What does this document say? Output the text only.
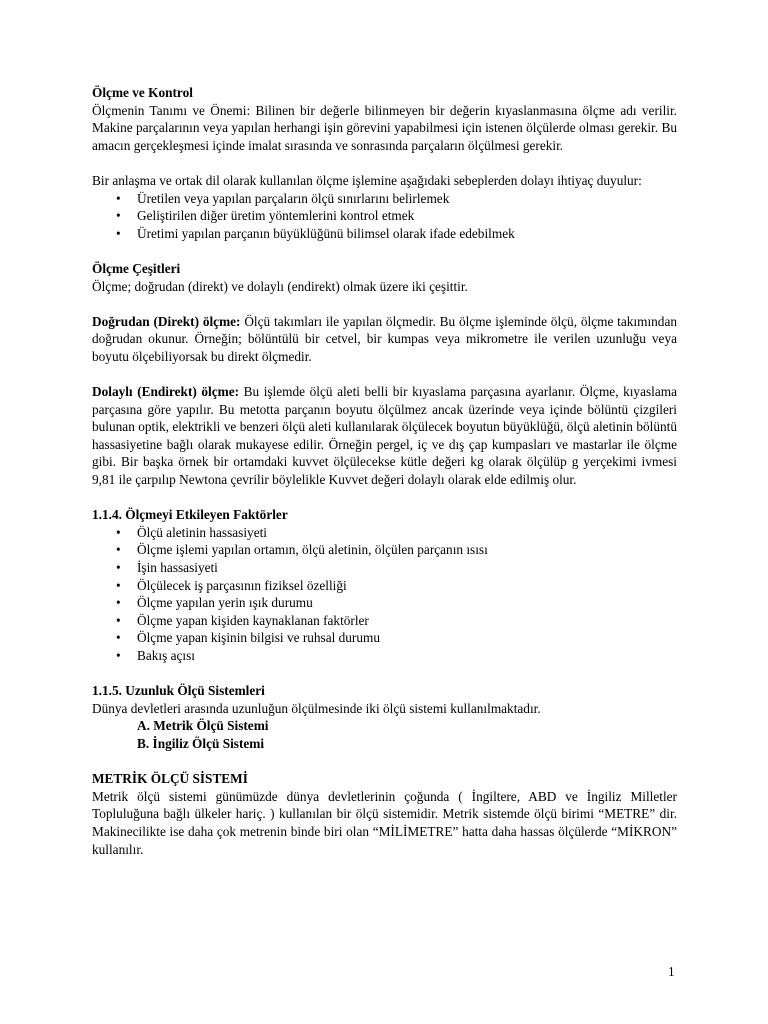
Ölçme ve Kontrol

Ölçmenin Tanımı ve Önemi: Bilinen bir değerle bilinmeyen bir değerin kıyaslanmasına ölçme adı verilir. Makine parçalarının veya yapılan herhangi işin görevini yapabilmesi için istenen ölçülerde olması gerekir. Bu amacın gerçekleşmesi içinde imalat sırasında ve sonrasında parçaların ölçülmesi gerekir.

Bir anlaşma ve ortak dil olarak kullanılan ölçme işlemine aşağıdaki sebeplerden dolayı ihtiyaç duyulur:

• Üretilen veya yapılan parçaların ölçü sınırlarını belirlemek
• Geliştirilen diğer üretim yöntemlerini kontrol etmek
• Üretimi yapılan parçanın büyüklüğünü bilimsel olarak ifade edebilmek

Ölçme Çeşitleri

Ölçme; doğrudan (direkt) ve dolaylı (endirekt) olmak üzere iki çeşittir.

Doğrudan (Direkt) ölçme: Ölçü takımları ile yapılan ölçmedir. Bu ölçme işleminde ölçü, ölçme takımından doğrudan okunur. Örneğin; bölüntülü bir cetvel, bir kumpas veya mikrometre ile verilen uzunluğu veya boyutu ölçebiliyorsak bu direkt ölçmedir.

Dolaylı (Endirekt) ölçme: Bu işlemde ölçü aleti belli bir kıyaslama parçasına ayarlanır. Ölçme, kıyaslama parçasına göre yapılır. Bu metotta parçanın boyutu ölçülmez ancak üzerinde veya içinde bölüntü çizgileri bulunan optik, elektrikli ve benzeri ölçü aleti kullanılarak ölçülecek boyutun büyüklüğü, ölçü aletinin bölüntü hassasiyetine bağlı olarak mukayese edilir. Örneğin pergel, iç ve dış çap kumpasları ve mastarlar ile ölçme gibi. Bir başka örnek bir ortamdaki kuvvet ölçülecekse kütle değeri kg olarak ölçülüp g yerçekimi ivmesi 9,81 ile çarpılıp Newtona çevrilir böylelikle Kuvvet değeri dolaylı olarak elde edilmiş olur.

1.1.4. Ölçmeyi Etkileyen Faktörler

• Ölçü aletinin hassasiyeti
• Ölçme işlemi yapılan ortamın, ölçü aletinin, ölçülen parçanın ısısı
• İşin hassasiyeti
• Ölçülecek iş parçasının fiziksel özelliği
• Ölçme yapılan yerin ışık durumu
• Ölçme yapan kişiden kaynaklanan faktörler
• Ölçme yapan kişinin bilgisi ve ruhsal durumu
• Bakış açısı

1.1.5. Uzunluk Ölçü Sistemleri

Dünya devletleri arasında uzunluğun ölçülmesinde iki ölçü sistemi kullanılmaktadır.

A. Metrik Ölçü Sistemi

B. İngiliz Ölçü Sistemi

METRİK ÖLÇÜ SİSTEMİ

Metrik ölçü sistemi günümüzde dünya devletlerinin çoğunda ( İngiltere, ABD ve İngiliz Milletler Topluluğuna bağlı ülkeler hariç. ) kullanılan bir ölçü sistemidir. Metrik sistemde ölçü birimi “METRE” dir. Makinecilikte ise daha çok metrenin binde biri olan “MİLİMETRE” hatta daha hassas ölçülerde “MİKRON” kullanılır.

1
